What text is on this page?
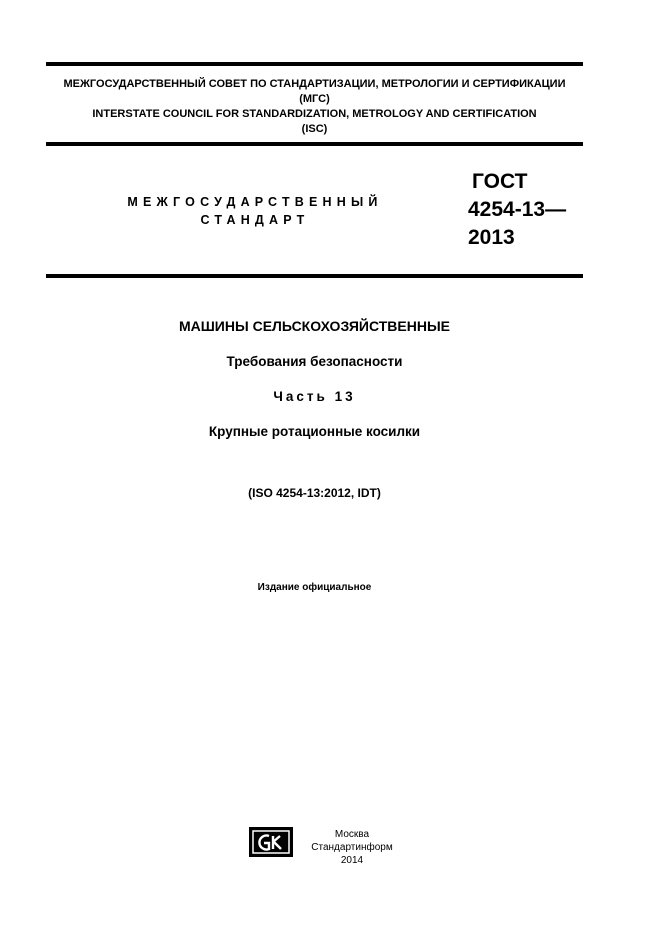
МЕЖГОСУДАРСТВЕННЫЙ СОВЕТ ПО СТАНДАРТИЗАЦИИ, МЕТРОЛОГИИ И СЕРТИФИКАЦИИ
(МГС)
INTERSTATE COUNCIL FOR STANDARDIZATION, METROLOGY AND CERTIFICATION
(ISC)
МЕЖГОСУДАРСТВЕННЫЙ
СТАНДАРТ
ГОСТ
4254-13—
2013
МАШИНЫ СЕЛЬСКОХОЗЯЙСТВЕННЫЕ
Требования безопасности
Часть 13
Крупные ротационные косилки
(ISO 4254-13:2012, IDT)
Издание официальное
Москва
Стандартинформ
2014
